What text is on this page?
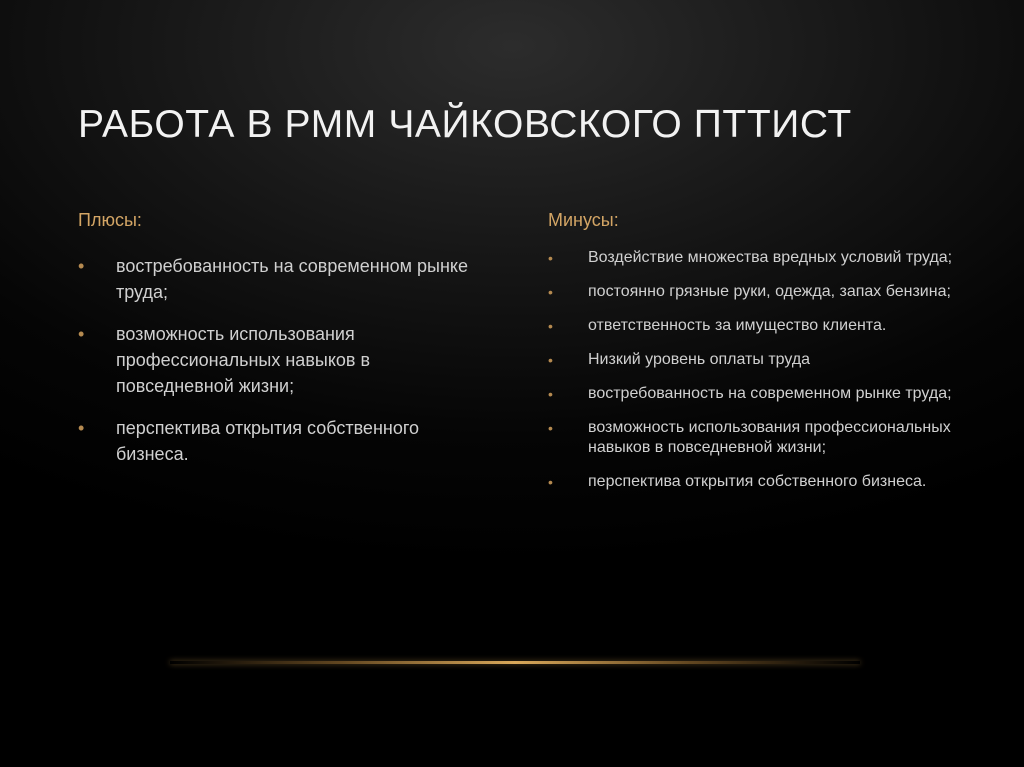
РАБОТА В РММ ЧАЙКОВСКОГО ПТТИСТ
Плюсы:
• востребованность на современном рынке труда;
• возможность использования профессиональных навыков в повседневной жизни;
• перспектива открытия собственного бизнеса.
Минусы:
• Воздействие множества вредных условий труда;
• постоянно грязные руки, одежда, запах бензина;
• ответственность за имущество клиента.
• Низкий уровень оплаты труда
• востребованность на современном рынке труда;
• возможность использования профессиональных навыков в повседневной жизни;
• перспектива открытия собственного бизнеса.
